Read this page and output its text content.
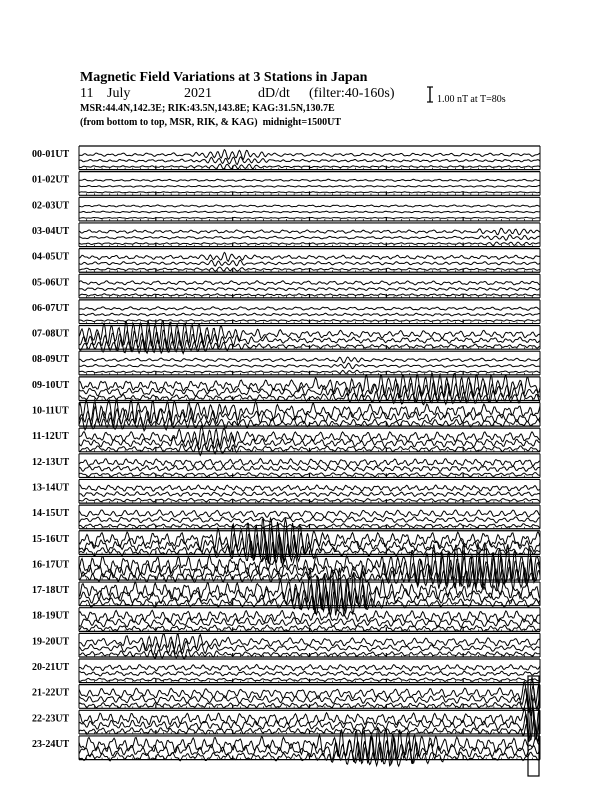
Magnetic Field Variations at 3 Stations in Japan

11

July

	2021

	dD/dt

(filter:40-160s)

MSR:44.4N,142.3E; RIK:43.5N,143.8E; KAG:31.5N,130.7E
(from bottom to top, MSR, RIK, & KAG)  midnight=1500UT
1.00 nT at T=80s
00-01UT
01-02UT
02-03UT
03-04UT
04-05UT
05-06UT
06-07UT
07-08UT
08-09UT
09-10UT
10-11UT
11-12UT
12-13UT
13-14UT
14-15UT
15-16UT
16-17UT
17-18UT
18-19UT
19-20UT
20-21UT
21-22UT
22-23UT
23-24UT
